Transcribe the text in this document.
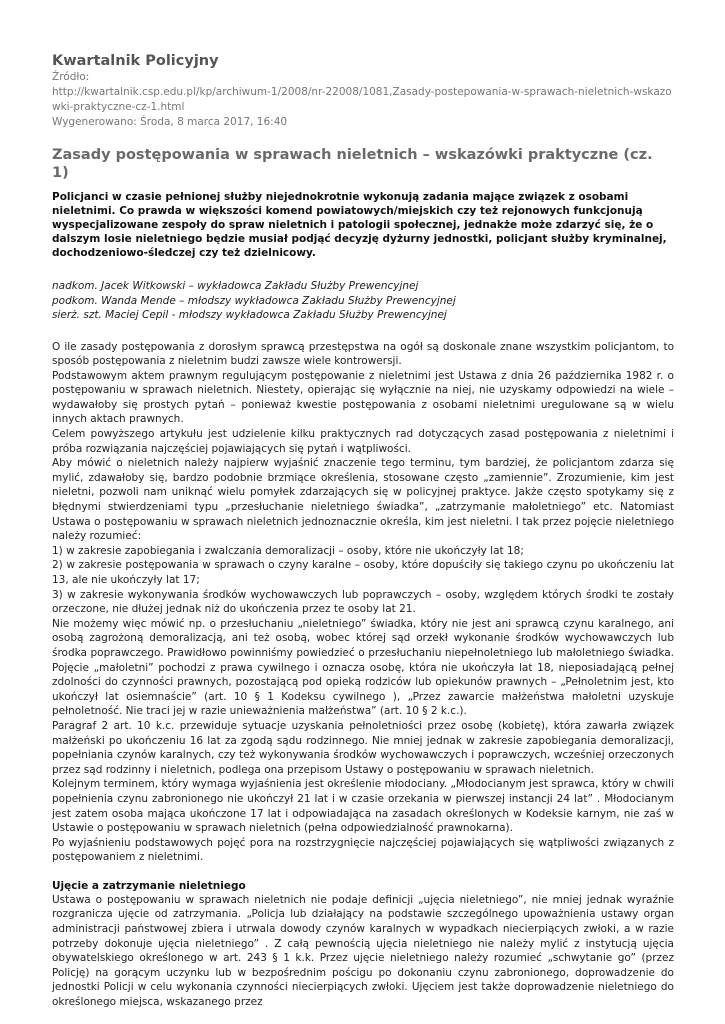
Kwartalnik Policyjny
Źródło:
http://kwartalnik.csp.edu.pl/kp/archiwum-1/2008/nr-22008/1081,Zasady-postepowania-w-sprawach-nieletnich-wskazowki-praktyczne-cz-1.html
Wygenerowano: Środa, 8 marca 2017, 16:40
Zasady postępowania w sprawach nieletnich – wskazówki praktyczne (cz. 1)

Policjanci w czasie pełnionej służby niejednokrotnie wykonują zadania mające związek z osobami nieletnimi. Co prawda w większości komend powiatowych/miejskich czy też rejonowych funkcjonują wyspecjalizowane zespoły do spraw nieletnich i patologii społecznej, jednakże może zdarzyć się, że o dalszym losie nieletniego będzie musiał podjąć decyzję dyżurny jednostki, policjant służby kryminalnej, dochodzeniowo-śledczej czy też dzielnicowy.

nadkom. Jacek Witkowski – wykładowca Zakładu Służby Prewencyjnej
podkom. Wanda Mende – młodszy wykładowca Zakładu Służby Prewencyjnej
sierż. szt. Maciej Cepil - młodszy wykładowca Zakładu Służby Prewencyjnej

O ile zasady postępowania z dorosłym sprawcą przestępstwa na ogół są doskonale znane wszystkim policjantom, to sposób postępowania z nieletnim budzi zawsze wiele kontrowersji.

Podstawowym aktem prawnym regulującym postępowanie z nieletnimi jest Ustawa z dnia 26 października 1982 r. o postępowaniu w sprawach nieletnich. Niestety, opierając się wyłącznie na niej, nie uzyskamy odpowiedzi na wiele – wydawałoby się prostych pytań – ponieważ kwestie postępowania z osobami nieletnimi uregulowane są w wielu innych aktach prawnych.

Celem powyższego artykułu jest udzielenie kilku praktycznych rad dotyczących zasad postępowania z nieletnimi i próba rozwiązania najczęściej pojawiających się pytań i wątpliwości.

Aby mówić o nieletnich należy najpierw wyjaśnić znaczenie tego terminu, tym bardziej, że policjantom zdarza się mylić, zdawałoby się, bardzo podobnie brzmiące określenia, stosowane często „zamiennie”. Zrozumienie, kim jest nieletni, pozwoli nam uniknąć wielu pomyłek zdarzających się w policyjnej praktyce. Jakże często spotykamy się z błędnymi stwierdzeniami typu „przesłuchanie nieletniego świadka”, „zatrzymanie małoletniego” etc. Natomiast Ustawa o postępowaniu w sprawach nieletnich jednoznacznie określa, kim jest nieletni. I tak przez pojęcie nieletniego należy rozumieć:

1) w zakresie zapobiegania i zwalczania demoralizacji – osoby, które nie ukończyły lat 18;

2) w zakresie postępowania w sprawach o czyny karalne – osoby, które dopuściły się takiego czynu po ukończeniu lat 13, ale nie ukończyły lat 17;

3) w zakresie wykonywania środków wychowawczych lub poprawczych – osoby, względem których środki te zostały orzeczone, nie dłużej jednak niż do ukończenia przez te osoby lat 21.

Nie możemy więc mówić np. o przesłuchaniu „nieletniego” świadka, który nie jest ani sprawcą czynu karalnego, ani osobą zagrożoną demoralizacją, ani też osobą, wobec której sąd orzekł wykonanie środków wychowawczych lub środka poprawczego. Prawidłowo powinniśmy powiedzieć o przesłuchaniu niepełnoletniego lub małoletniego świadka. Pojęcie „małoletni” pochodzi z prawa cywilnego i oznacza osobę, która nie ukończyła lat 18, nieposiadającą pełnej zdolności do czynności prawnych, pozostającą pod opieką rodziców lub opiekunów prawnych – „Pełnoletnim jest, kto ukończył lat osiemnaście” (art. 10 § 1 Kodeksu cywilnego ), „Przez zawarcie małżeństwa małoletni uzyskuje pełnoletność. Nie traci jej w razie unieważnienia małżeństwa” (art. 10 § 2 k.c.).

Paragraf 2 art. 10 k.c. przewiduje sytuacje uzyskania pełnoletniości przez osobę (kobietę), która zawarła związek małżeński po ukończeniu 16 lat za zgodą sądu rodzinnego. Nie mniej jednak w zakresie zapobiegania demoralizacji, popełniania czynów karalnych, czy też wykonywania środków wychowawczych i poprawczych, wcześniej orzeczonych przez sąd rodzinny i nieletnich, podlega ona przepisom Ustawy o postępowaniu w sprawach nieletnich.

Kolejnym terminem, który wymaga wyjaśnienia jest określenie młodociany. „Młodocianym jest sprawca, który w chwili popełnienia czynu zabronionego nie ukończył 21 lat i w czasie orzekania w pierwszej instancji 24 lat” . Młodocianym jest zatem osoba mająca ukończone 17 lat i odpowiadająca na zasadach określonych w Kodeksie karnym, nie zaś w Ustawie o postępowaniu w sprawach nieletnich (pełna odpowiedzialność prawnokarna).

Po wyjaśnieniu podstawowych pojęć pora na rozstrzygnięcie najczęściej pojawiających się wątpliwości związanych z postępowaniem z nieletnimi.

Ujęcie a zatrzymanie nieletniego

Ustawa o postępowaniu w sprawach nieletnich nie podaje definicji „ujęcia nieletniego”, nie mniej jednak wyraźnie rozgranicza ujęcie od zatrzymania. „Policja lub działający na podstawie szczególnego upoważnienia ustawy organ administracji państwowej zbiera i utrwala dowody czynów karalnych w wypadkach niecierpiących zwłoki, a w razie potrzeby dokonuje ujęcia nieletniego” . Z całą pewnością ujęcia nieletniego nie należy mylić z instytucją ujęcia obywatelskiego określonego w art. 243 § 1 k.k. Przez ujęcie nieletniego należy rozumieć „schwytanie go” (przez Policję) na gorącym uczynku lub w bezpośrednim pościgu po dokonaniu czynu zabronionego, doprowadzenie do jednostki Policji w celu wykonania czynności niecierpiących zwłoki. Ujęciem jest także doprowadzenie nieletniego do określonego miejsca, wskazanego przez
